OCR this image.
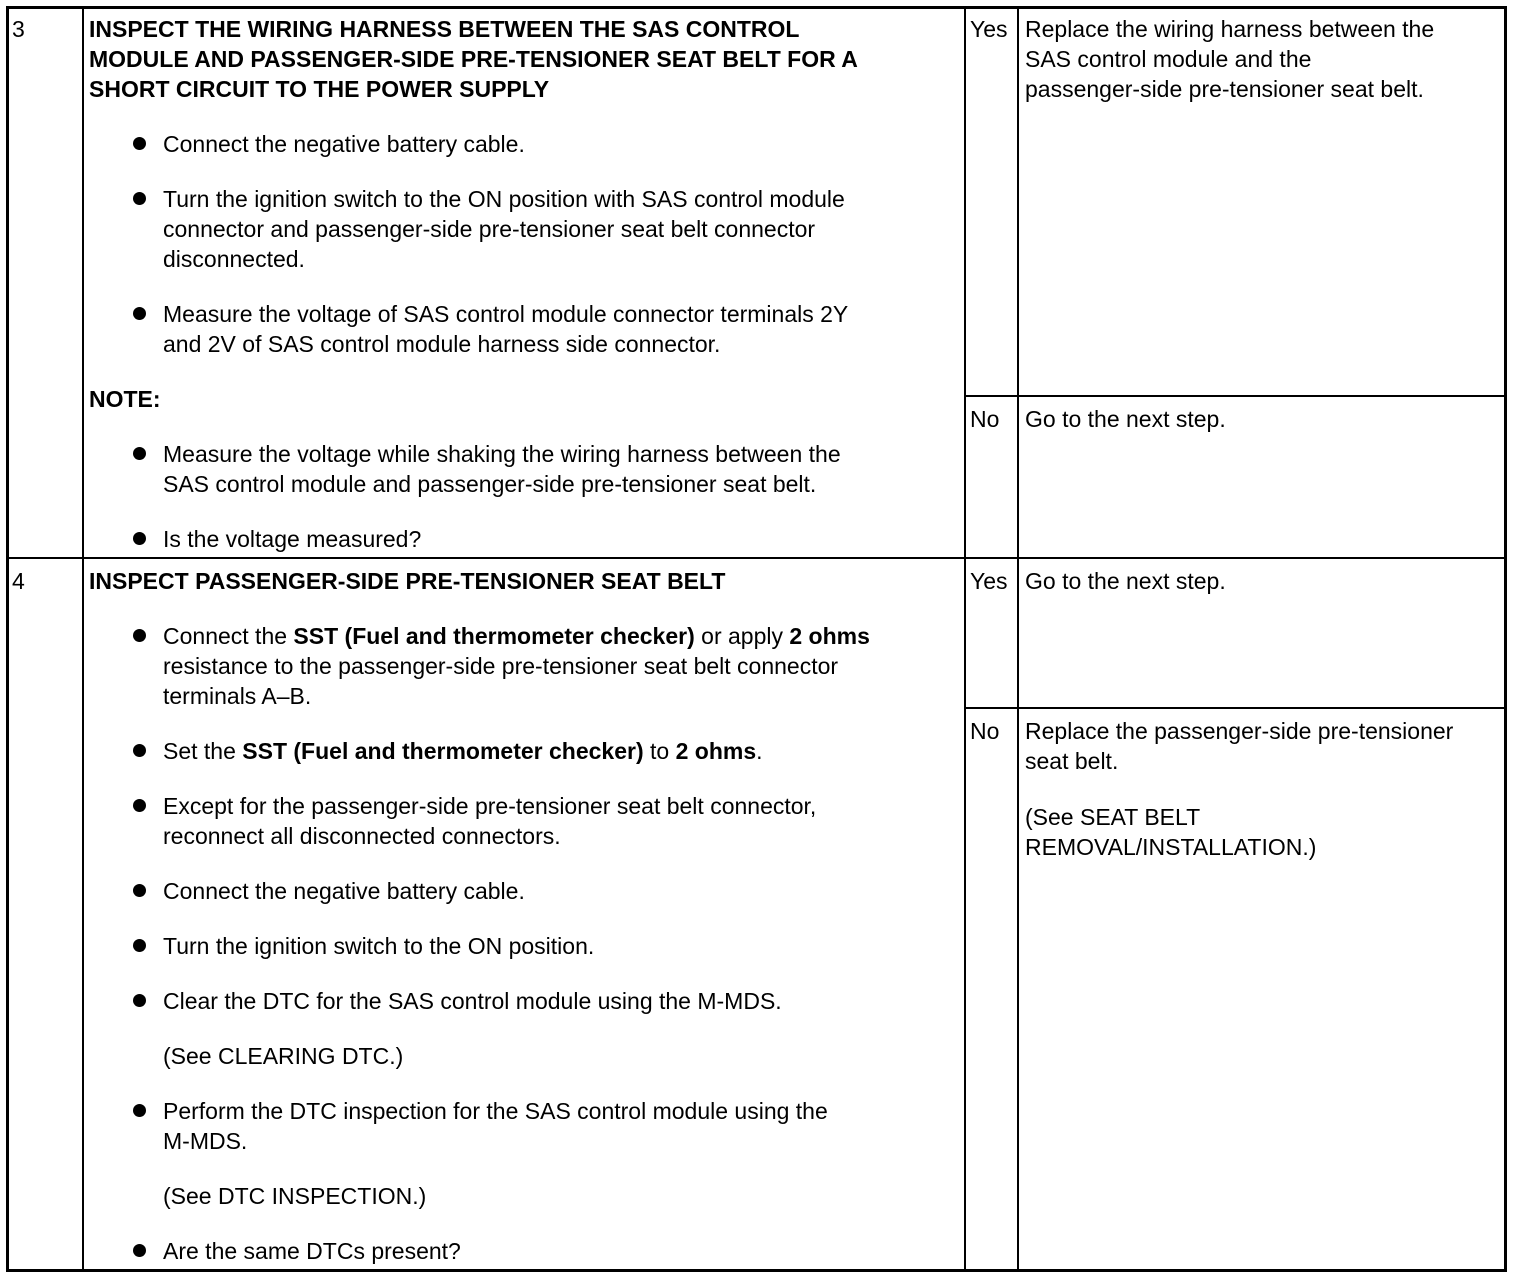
3	INSPECT THE WIRING HARNESS BETWEEN THE SAS CONTROL
MODULE AND PASSENGER-SIDE PRE-TENSIONER SEAT BELT FOR A
SHORT CIRCUIT TO THE POWER SUPPLY
Connect the negative battery cable.
Turn the ignition switch to the ON position with SAS control module
connector and passenger-side pre-tensioner seat belt connector
disconnected.
Measure the voltage of SAS control module connector terminals 2Y
and 2V of SAS control module harness side connector.
NOTE:
Measure the voltage while shaking the wiring harness between the
SAS control module and passenger-side pre-tensioner seat belt.
Is the voltage measured?
Yes Replace the wiring harness between the
SAS control module and the
passenger-side pre-tensioner seat belt.
No Go to the next step.
4	INSPECT PASSENGER-SIDE PRE-TENSIONER SEAT BELT
Connect the SST (Fuel and thermometer checker) or apply 2 ohms
resistance to the passenger-side pre-tensioner seat belt connector
terminals A–B.
Set the SST (Fuel and thermometer checker) to 2 ohms.
Except for the passenger-side pre-tensioner seat belt connector,
reconnect all disconnected connectors.
Connect the negative battery cable.
Turn the ignition switch to the ON position.
Clear the DTC for the SAS control module using the M-MDS.
(See CLEARING DTC.)
Perform the DTC inspection for the SAS control module using the
M-MDS.
(See DTC INSPECTION.)
Are the same DTCs present?
Yes Go to the next step.
No Replace the passenger-side pre-tensioner
seat belt.
(See SEAT BELT
REMOVAL/INSTALLATION.)
